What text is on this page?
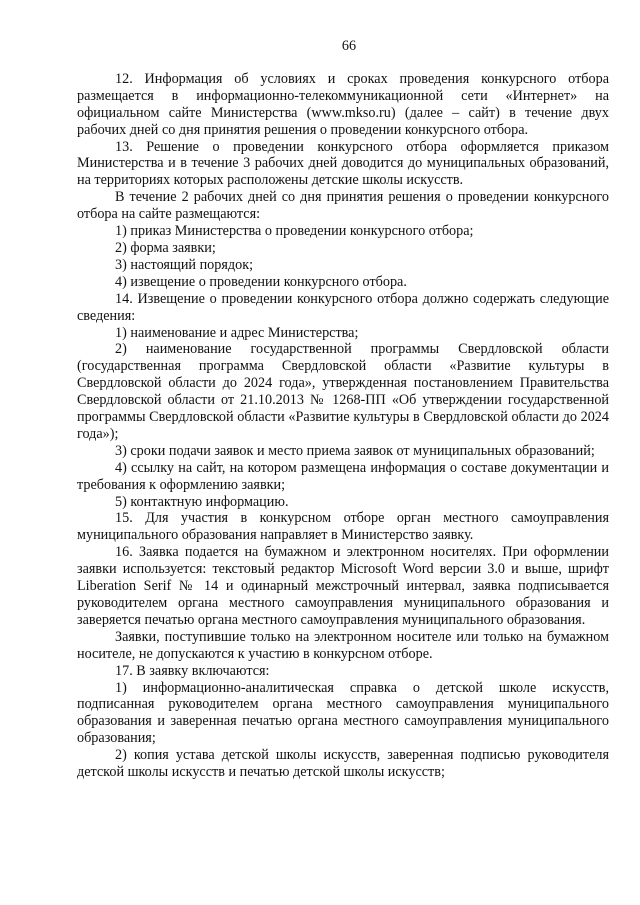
66

12. Информация об условиях и сроках проведения конкурсного отбора размещается в информационно-телекоммуникационной сети «Интернет» на официальном сайте Министерства (www.mkso.ru) (далее – сайт) в течение двух рабочих дней со дня принятия решения о проведении конкурсного отбора.

13. Решение о проведении конкурсного отбора оформляется приказом Министерства и в течение 3 рабочих дней доводится до муниципальных образований, на территориях которых расположены детские школы искусств.

В течение 2 рабочих дней со дня принятия решения о проведении конкурсного отбора на сайте размещаются:

1) приказ Министерства о проведении конкурсного отбора;

2) форма заявки;

3) настоящий порядок;

4) извещение о проведении конкурсного отбора.

14. Извещение о проведении конкурсного отбора должно содержать следующие сведения:

1) наименование и адрес Министерства;

2) наименование государственной программы Свердловской области (государственная программа Свердловской области «Развитие культуры в Свердловской области до 2024 года», утвержденная постановлением Правительства Свердловской области от 21.10.2013 № 1268-ПП «Об утверждении государственной программы Свердловской области «Развитие культуры в Свердловской области до 2024 года»);

3) сроки подачи заявок и место приема заявок от муниципальных образований;

4) ссылку на сайт, на котором размещена информация о составе документации и требования к оформлению заявки;

5) контактную информацию.

15. Для участия в конкурсном отборе орган местного самоуправления муниципального образования направляет в Министерство заявку.

16. Заявка подается на бумажном и электронном носителях. При оформлении заявки используется: текстовый редактор Microsoft Word версии 3.0 и выше, шрифт Liberation Serif № 14 и одинарный межстрочный интервал, заявка подписывается руководителем органа местного самоуправления муниципального образования и заверяется печатью органа местного самоуправления муниципального образования.

Заявки, поступившие только на электронном носителе или только на бумажном носителе, не допускаются к участию в конкурсном отборе.

17. В заявку включаются:

1) информационно-аналитическая справка о детской школе искусств, подписанная руководителем органа местного самоуправления муниципального образования и заверенная печатью органа местного самоуправления муниципального образования;

2) копия устава детской школы искусств, заверенная подписью руководителя детской школы искусств и печатью детской школы искусств;
